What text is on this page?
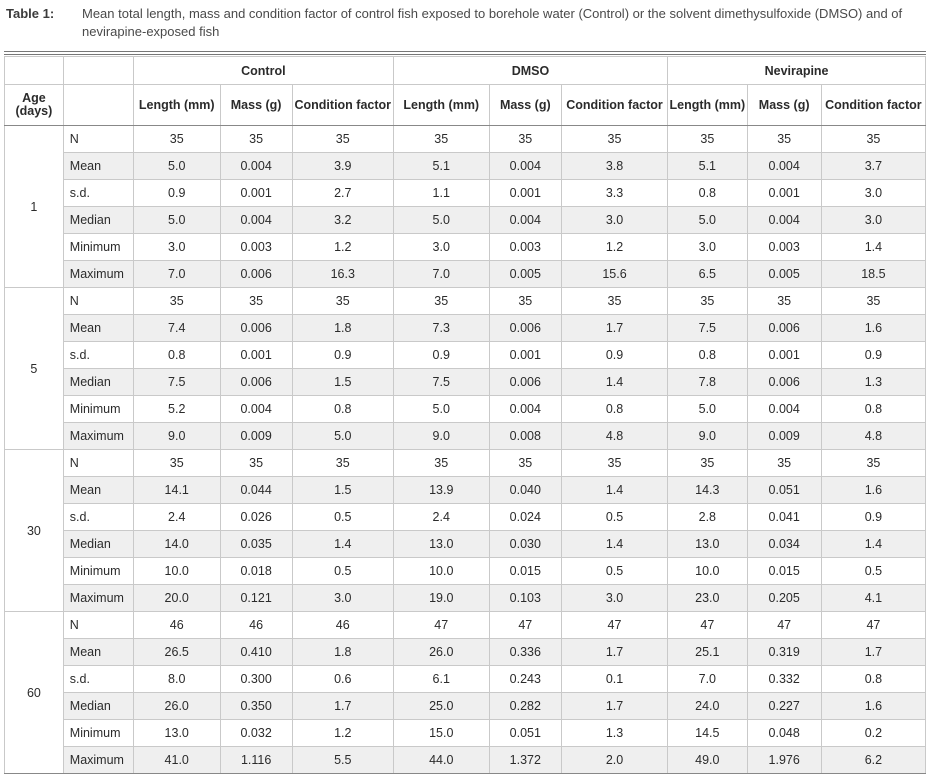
Table 1: Mean total length, mass and condition factor of control fish exposed to borehole water (Control) or the solvent dimethysulfoxide (DMSO) and of nevirapine-exposed fish
		Control			DMSO			Nevirapine		
Age (days)		Length (mm)	Mass (g)	Condition factor	Length (mm)	Mass (g)	Condition factor	Length (mm)	Mass (g)	Condition factor
1	N	35	35	35	35	35	35	35	35	35
	Mean	5.0	0.004	3.9	5.1	0.004	3.8	5.1	0.004	3.7
	s.d.	0.9	0.001	2.7	1.1	0.001	3.3	0.8	0.001	3.0
	Median	5.0	0.004	3.2	5.0	0.004	3.0	5.0	0.004	3.0
	Minimum	3.0	0.003	1.2	3.0	0.003	1.2	3.0	0.003	1.4
	Maximum	7.0	0.006	16.3	7.0	0.005	15.6	6.5	0.005	18.5
5	N	35	35	35	35	35	35	35	35	35
	Mean	7.4	0.006	1.8	7.3	0.006	1.7	7.5	0.006	1.6
	s.d.	0.8	0.001	0.9	0.9	0.001	0.9	0.8	0.001	0.9
	Median	7.5	0.006	1.5	7.5	0.006	1.4	7.8	0.006	1.3
	Minimum	5.2	0.004	0.8	5.0	0.004	0.8	5.0	0.004	0.8
	Maximum	9.0	0.009	5.0	9.0	0.008	4.8	9.0	0.009	4.8
30	N	35	35	35	35	35	35	35	35	35
	Mean	14.1	0.044	1.5	13.9	0.040	1.4	14.3	0.051	1.6
	s.d.	2.4	0.026	0.5	2.4	0.024	0.5	2.8	0.041	0.9
	Median	14.0	0.035	1.4	13.0	0.030	1.4	13.0	0.034	1.4
	Minimum	10.0	0.018	0.5	10.0	0.015	0.5	10.0	0.015	0.5
	Maximum	20.0	0.121	3.0	19.0	0.103	3.0	23.0	0.205	4.1
60	N	46	46	46	47	47	47	47	47	47
	Mean	26.5	0.410	1.8	26.0	0.336	1.7	25.1	0.319	1.7
	s.d.	8.0	0.300	0.6	6.1	0.243	0.1	7.0	0.332	0.8
	Median	26.0	0.350	1.7	25.0	0.282	1.7	24.0	0.227	1.6
	Minimum	13.0	0.032	1.2	15.0	0.051	1.3	14.5	0.048	0.2
	Maximum	41.0	1.116	5.5	44.0	1.372	2.0	49.0	1.976	6.2
